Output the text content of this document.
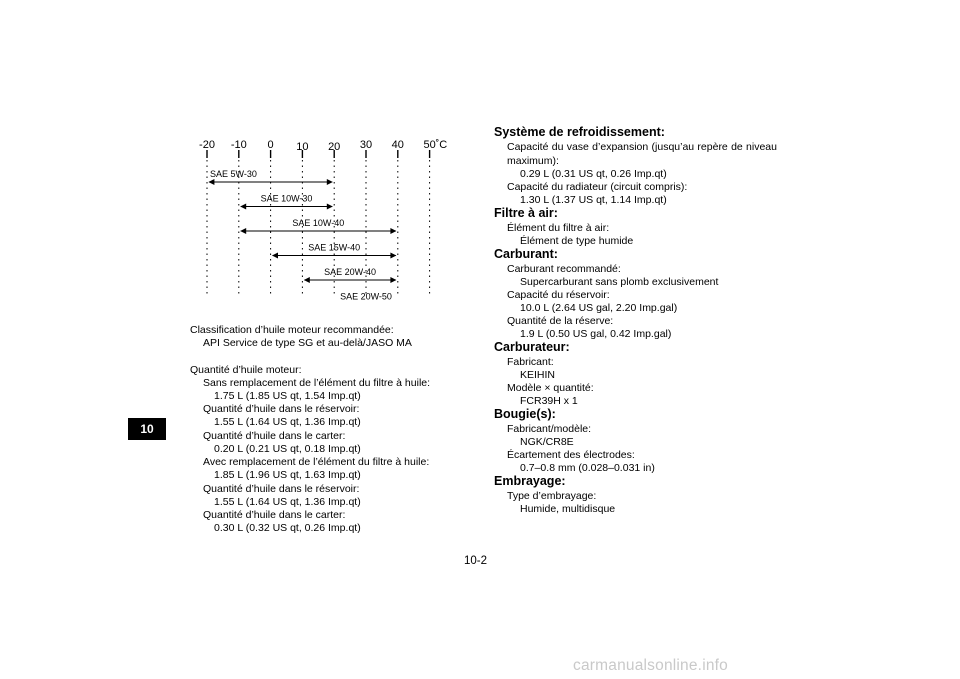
10
-20 -10 0 10 20 30 40 50 ˚C
SAE 5W-30
SAE 10W-30
SAE 10W-40
SAE 15W-40
SAE 20W-40
SAE 20W-50
Classification d’huile moteur recommandée:
API Service de type SG et au-delà/JASO MA
Quantité d’huile moteur:
Sans remplacement de l’élément du filtre à huile:
1.75 L (1.85 US qt, 1.54 Imp.qt)
Quantité d’huile dans le réservoir:
1.55 L (1.64 US qt, 1.36 Imp.qt)
Quantité d’huile dans le carter:
0.20 L (0.21 US qt, 0.18 Imp.qt)
Avec remplacement de l’élément du filtre à huile:
1.85 L (1.96 US qt, 1.63 Imp.qt)
Quantité d’huile dans le réservoir:
1.55 L (1.64 US qt, 1.36 Imp.qt)
Quantité d’huile dans le carter:
0.30 L (0.32 US qt, 0.26 Imp.qt)
Système de refroidissement:
Capacité du vase d’expansion (jusqu’au repère de niveau maximum):
0.29 L (0.31 US qt, 0.26 Imp.qt)
Capacité du radiateur (circuit compris):
1.30 L (1.37 US qt, 1.14 Imp.qt)
Filtre à air:
Élément du filtre à air:
Élément de type humide
Carburant:
Carburant recommandé:
Supercarburant sans plomb exclusivement
Capacité du réservoir:
10.0 L (2.64 US gal, 2.20 Imp.gal)
Quantité de la réserve:
1.9 L (0.50 US gal, 0.42 Imp.gal)
Carburateur:
Fabricant:
KEIHIN
Modèle × quantité:
FCR39H x 1
Bougie(s):
Fabricant/modèle:
NGK/CR8E
Écartement des électrodes:
0.7–0.8 mm (0.028–0.031 in)
Embrayage:
Type d’embrayage:
Humide, multidisque
10-2
carmanualsonline.info
